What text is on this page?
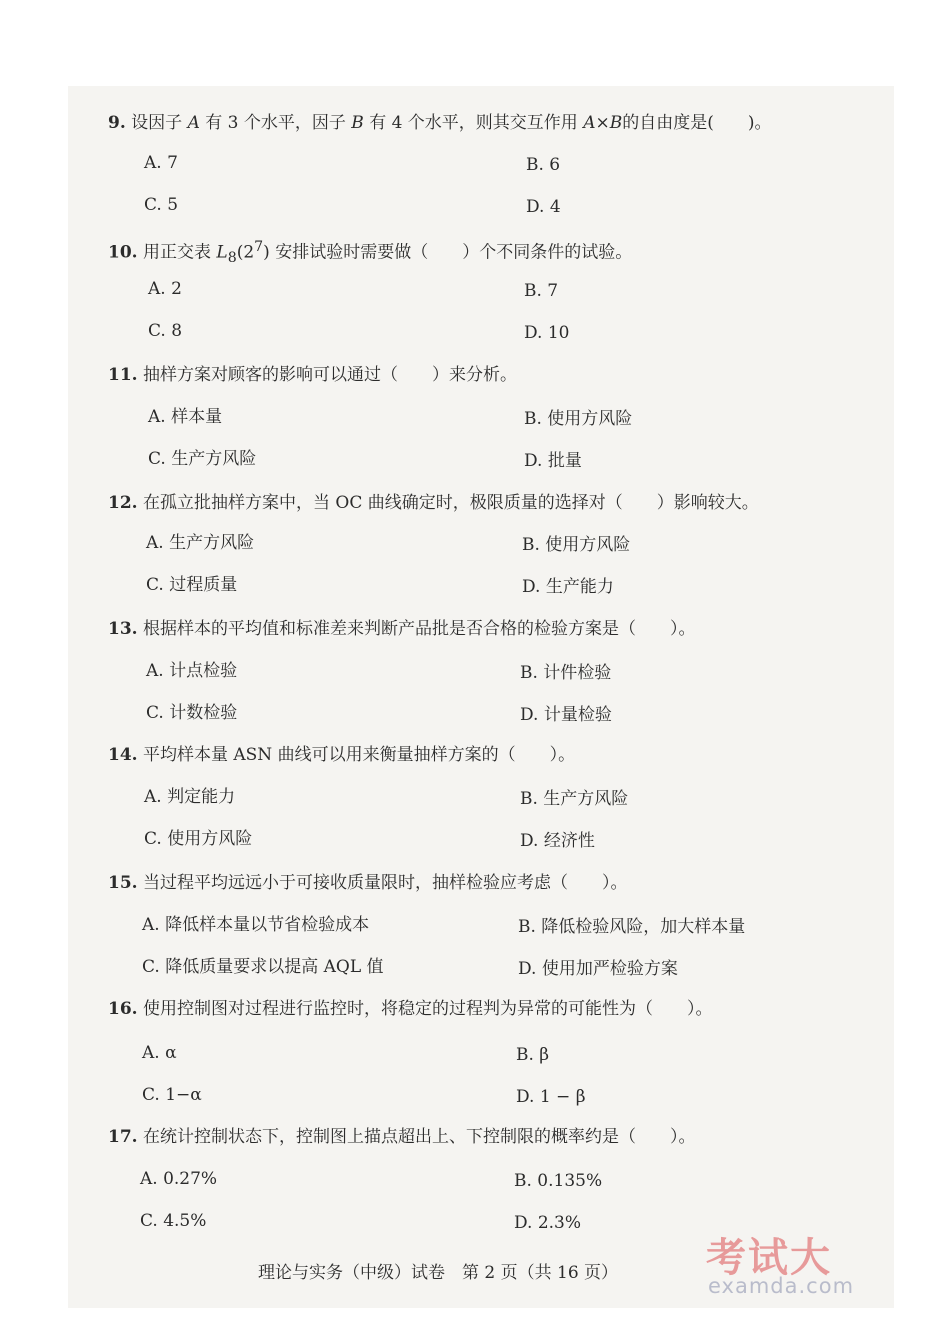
9. 设因子 A 有 3 个水平，因子 B 有 4 个水平，则其交互作用 A×B的自由度是(　　)。
A. 7	B. 6
C. 5	D. 4
10. 用正交表 $L_8(2^7)$ 安排试验时需要做（　　）个不同条件的试验。
A. 2	B. 7
C. 8	D. 10
11. 抽样方案对顾客的影响可以通过（　　）来分析。
A. 样本量	B. 使用方风险
C. 生产方风险	D. 批量
12. 在孤立批抽样方案中，当 OC 曲线确定时，极限质量的选择对（　　）影响较大。
A. 生产方风险	B. 使用方风险
C. 过程质量	D. 生产能力
13. 根据样本的平均值和标准差来判断产品批是否合格的检验方案是（　　）。
A. 计点检验	B. 计件检验
C. 计数检验	D. 计量检验
14. 平均样本量 ASN 曲线可以用来衡量抽样方案的（　　）。
A. 判定能力	B. 生产方风险
C. 使用方风险	D. 经济性
15. 当过程平均远远小于可接收质量限时，抽样检验应考虑（　　）。
A. 降低样本量以节省检验成本	B. 降低检验风险，加大样本量
C. 降低质量要求以提高 AQL 值	D. 使用加严检验方案
16. 使用控制图对过程进行监控时，将稳定的过程判为异常的可能性为（　　）。
A. α	B. β
C. 1−α	D. 1 − β
17. 在统计控制状态下，控制图上描点超出上、下控制限的概率约是（　　）。
A. 0.27%	B. 0.135%
C. 4.5%	D. 2.3%
理论与实务（中级）试卷　第 2 页（共 16 页） 考试大
examda.com
